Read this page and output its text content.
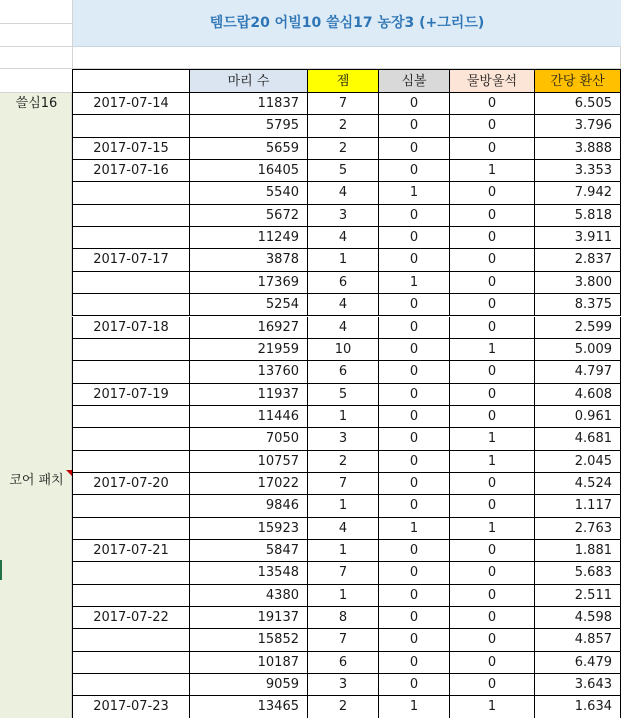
템드랍20 어빌10 쓸심17 농장3 (+그리드)
마리 수	젬	심볼	물방울석	간당 환산
쓸심16
코어 패치
2017-07-14	11837	7	0	0	6.505
5795	2	0	0	3.796
2017-07-15	5659	2	0	0	3.888
2017-07-16	16405	5	0	1	3.353
5540	4	1	0	7.942
5672	3	0	0	5.818
11249	4	0	0	3.911
2017-07-17	3878	1	0	0	2.837
17369	6	1	0	3.800
5254	4	0	0	8.375
2017-07-18	16927	4	0	0	2.599
21959	10	0	1	5.009
13760	6	0	0	4.797
2017-07-19	11937	5	0	0	4.608
11446	1	0	0	0.961
7050	3	0	1	4.681
10757	2	0	1	2.045
2017-07-20	17022	7	0	0	4.524
9846	1	0	0	1.117
15923	4	1	1	2.763
2017-07-21	5847	1	0	0	1.881
13548	7	0	0	5.683
4380	1	0	0	2.511
2017-07-22	19137	8	0	0	4.598
15852	7	0	0	4.857
10187	6	0	0	6.479
9059	3	0	0	3.643
2017-07-23	13465	2	1	1	1.634
